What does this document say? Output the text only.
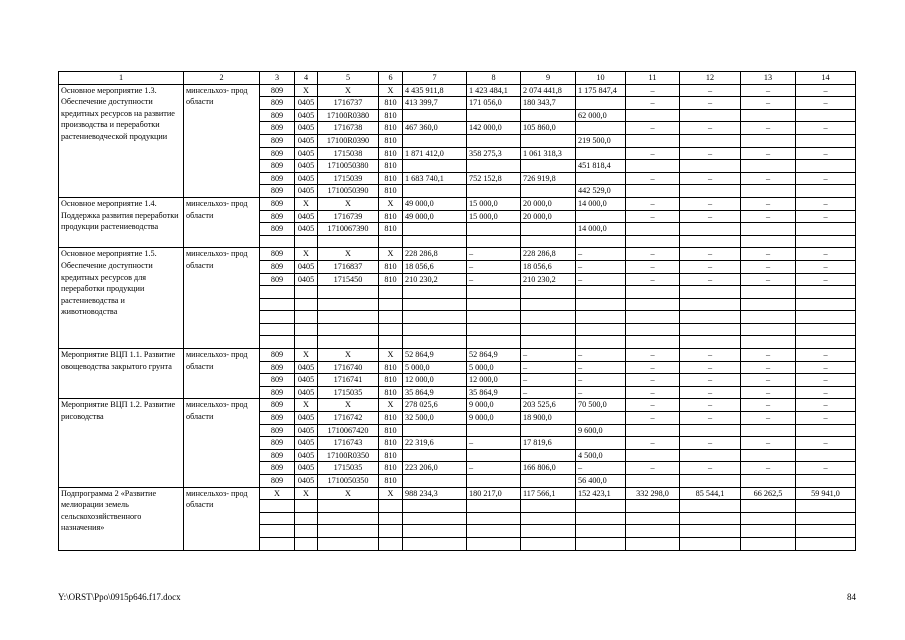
1	2	3	4	5	6	7	8	9	10	11	12	13	14
Основное мероприятие 1.3. Обеспечение доступности кредитных ресурсов на развитие производства и переработки растениеводческой продукции	минсельхоз- прод области	809	X	X	X	4 435 911,8	1 423 484,1	2 074 441,8	1 175 847,4	–	–	–	–
		809	0405	1716737	810	413 399,7	171 056,0	180 343,7		–	–	–	–
		809	0405	17100R0380	810				62 000,0				
		809	0405	1716738	810	467 360,0	142 000,0	105 860,0		–	–	–	–
		809	0405	17100R0390	810				219 500,0				
		809	0405	1715038	810	1 871 412,0	358 275,3	1 061 318,3		–	–	–	–
		809	0405	1710050380	810				451 818,4				
		809	0405	1715039	810	1 683 740,1	752 152,8	726 919,8		–	–	–	–
		809	0405	1710050390	810				442 529,0				
Основное мероприятие 1.4. Поддержка развития переработки продукции растениеводства	минсельхоз- прод области	809	X	X	X	49 000,0	15 000,0	20 000,0	14 000,0	–	–	–	–
		809	0405	1716739	810	49 000,0	15 000,0	20 000,0		–	–	–	–
		809	0405	1710067390	810				14 000,0				

Основное мероприятие 1.5. Обеспечение доступности кредитных ресурсов для переработки продукции растениеводства и животноводства	минсельхоз- прод области	809	X	X	X	228 286,8	–	228 286,8	–	–	–	–	–
		809	0405	1716837	810	18 056,6	–	18 056,6	–	–	–	–	–
		809	0405	1715450	810	210 230,2	–	210 230,2	–	–	–	–	–

Мероприятие ВЦП 1.1. Развитие овощеводства закрытого грунта	минсельхоз- прод области	809	X	X	X	52 864,9	52 864,9	–	–	–	–	–	–
		809	0405	1716740	810	5 000,0	5 000,0	–	–	–	–	–	–
		809	0405	1716741	810	12 000,0	12 000,0	–	–	–	–	–	–
		809	0405	1715035	810	35 864,9	35 864,9	–	–	–	–	–	–
Мероприятие ВЦП 1.2. Развитие рисоводства	минсельхоз- прод области	809	X	X	X	278 025,6	9 000,0	203 525,6	70 500,0	–	–	–	–
		809	0405	1716742	810	32 500,0	9 000,0	18 900,0		–	–	–	–
		809	0405	1710067420	810				9 600,0				
		809	0405	1716743	810	22 319,6	–	17 819,6		–	–	–	–
		809	0405	17100R0350	810				4 500,0				
		809	0405	1715035	810	223 206,0	–	166 806,0	–	–	–	–	–
		809	0405	1710050350	810				56 400,0				
Подпрограмма 2 «Развитие мелиорации земель сельскохозяйственного назначения»	минсельхоз- прод области	X	X	X	X	988 234,3	180 217,0	117 566,1	152 423,1	332 298,0	85 544,1	66 262,5	59 941,0

Y:\ORST\Ppo\0915p646.f17.docx	84
